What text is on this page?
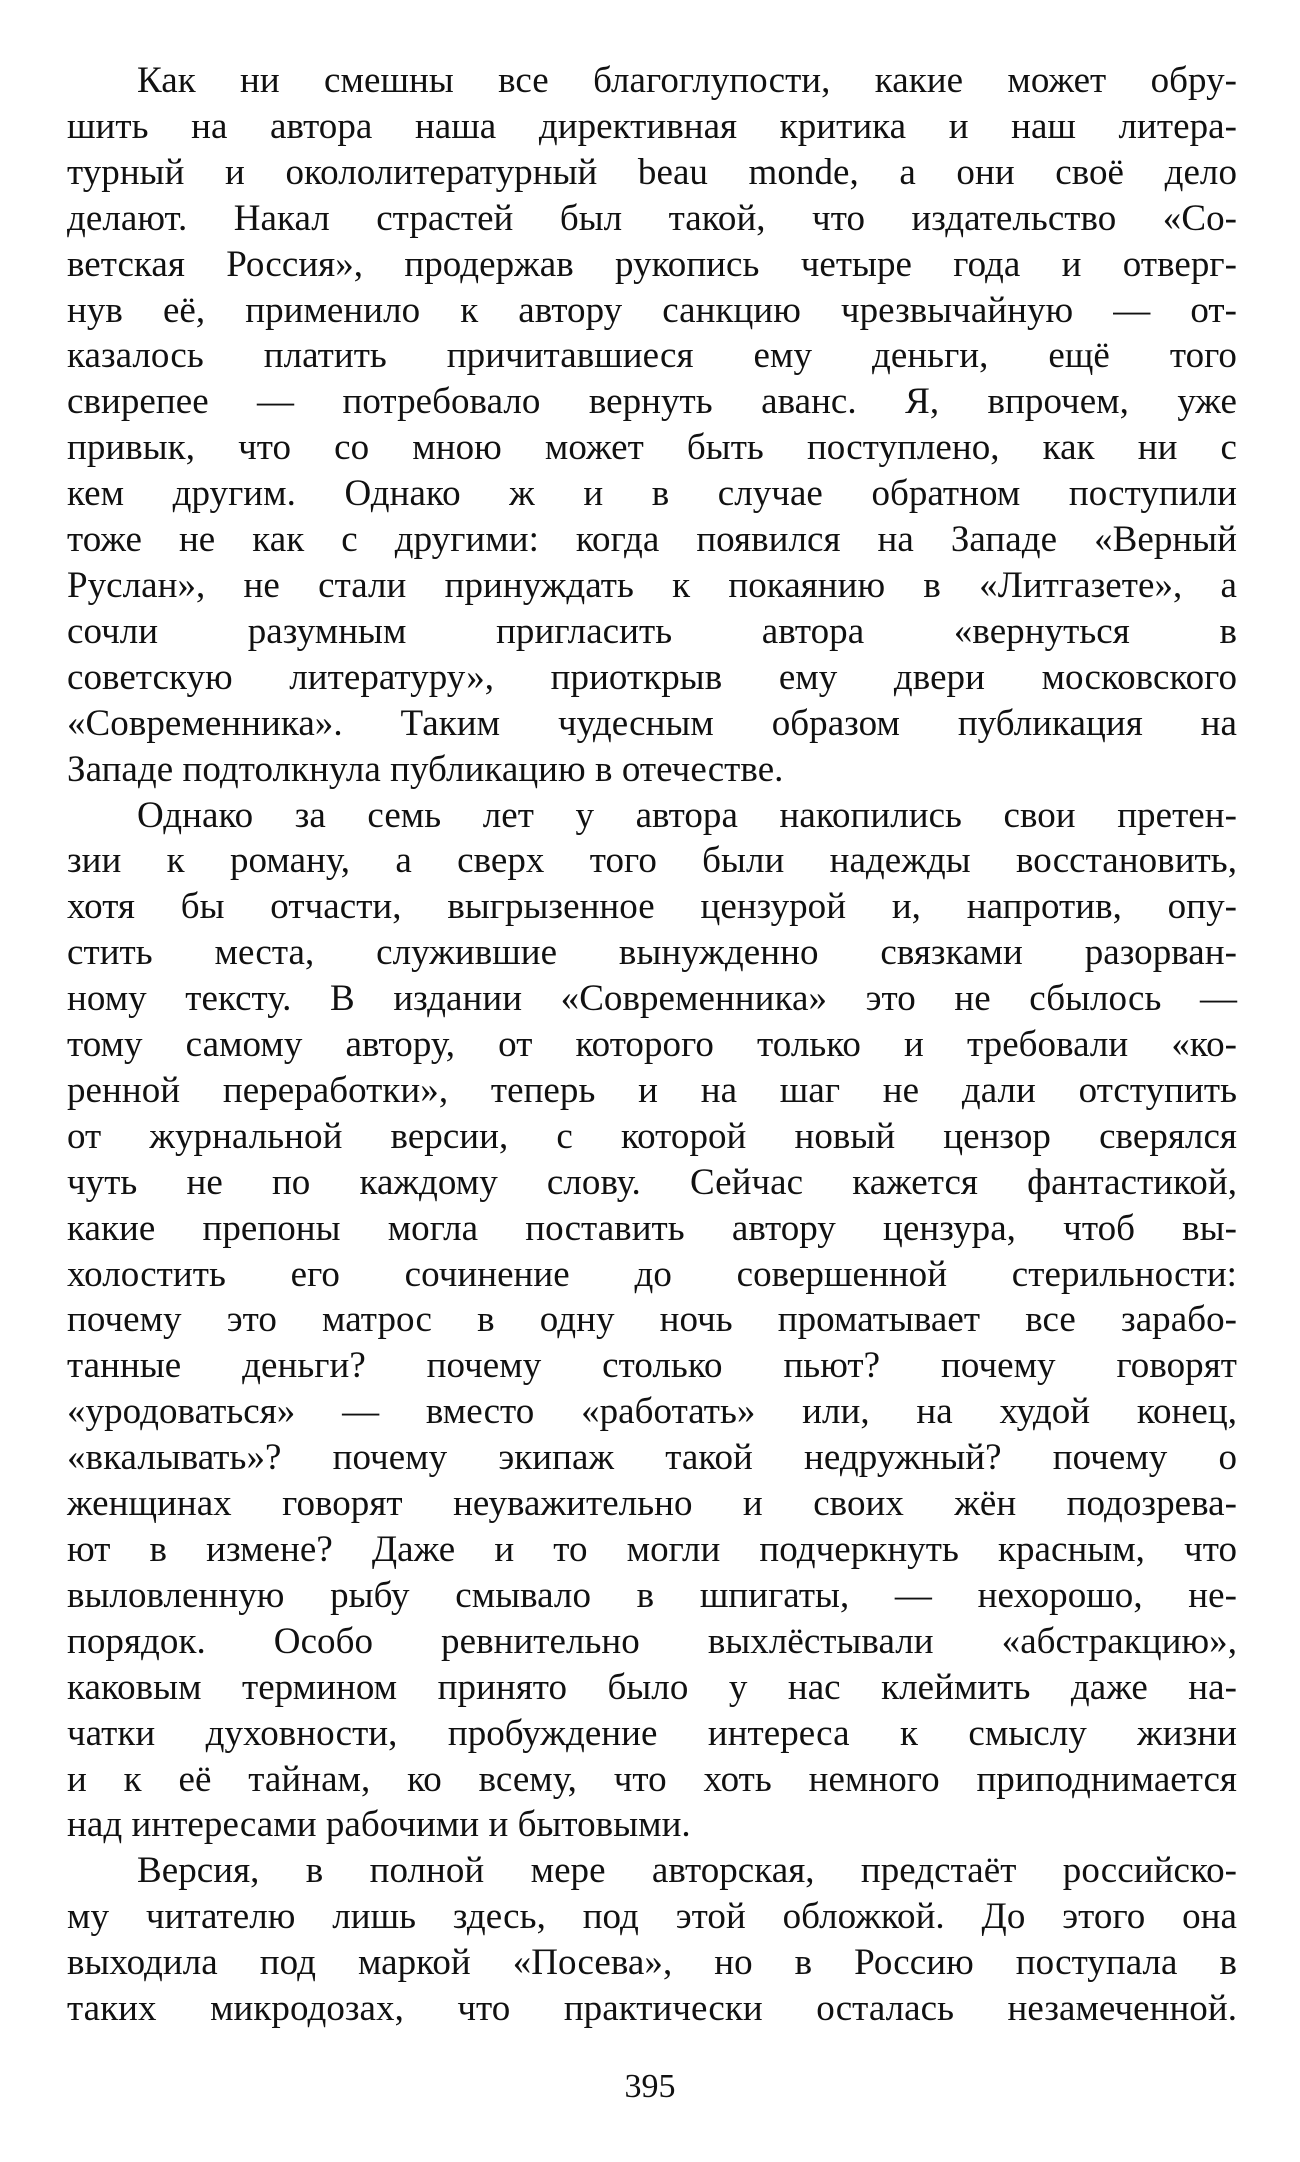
Как ни смешны все благоглупости, какие может обру-
шить на автора наша директивная критика и наш литера-
турный и окололитературный beau monde, а они своё дело
делают. Накал страстей был такой, что издательство «Со-
ветская Россия», продержав рукопись четыре года и отверг-
нув её, применило к автору санкцию чрезвычайную — от-
казалось платить причитавшиеся ему деньги, ещё того
свирепее — потребовало вернуть аванс. Я, впрочем, уже
привык, что со мною может быть поступлено, как ни с
кем другим. Однако ж и в случае обратном поступили
тоже не как с другими: когда появился на Западе «Верный
Руслан», не стали принуждать к покаянию в «Литгазете», а
сочли разумным пригласить автора «вернуться в
советскую литературу», приоткрыв ему двери московского
«Современника». Таким чудесным образом публикация на
Западе подтолкнула публикацию в отечестве.

Однако за семь лет у автора накопились свои претен-
зии к роману, а сверх того были надежды восстановить,
хотя бы отчасти, выгрызенное цензурой и, напротив, опу-
стить места, служившие вынужденно связками разорван-
ному тексту. В издании «Современника» это не сбылось —
тому самому автору, от которого только и требовали «ко-
ренной переработки», теперь и на шаг не дали отступить
от журнальной версии, с которой новый цензор сверялся
чуть не по каждому слову. Сейчас кажется фантастикой,
какие препоны могла поставить автору цензура, чтоб вы-
холостить его сочинение до совершенной стерильности:
почему это матрос в одну ночь проматывает все зарабо-
танные деньги? почему столько пьют? почему говорят
«уродоваться» — вместо «работать» или, на худой конец,
«вкалывать»? почему экипаж такой недружный? почему о
женщинах говорят неуважительно и своих жён подозрева-
ют в измене? Даже и то могли подчеркнуть красным, что
выловленную рыбу смывало в шпигаты, — нехорошо, не-
порядок. Особо ревнительно выхлёстывали «абстракцию»,
каковым термином принято было у нас клеймить даже на-
чатки духовности, пробуждение интереса к смыслу жизни
и к её тайнам, ко всему, что хоть немного приподнимается
над интересами рабочими и бытовыми.

Версия, в полной мере авторская, предстаёт российско-
му читателю лишь здесь, под этой обложкой. До этого она
выходила под маркой «Посева», но в Россию поступала в
таких микродозах, что практически осталась незамеченной.

395
